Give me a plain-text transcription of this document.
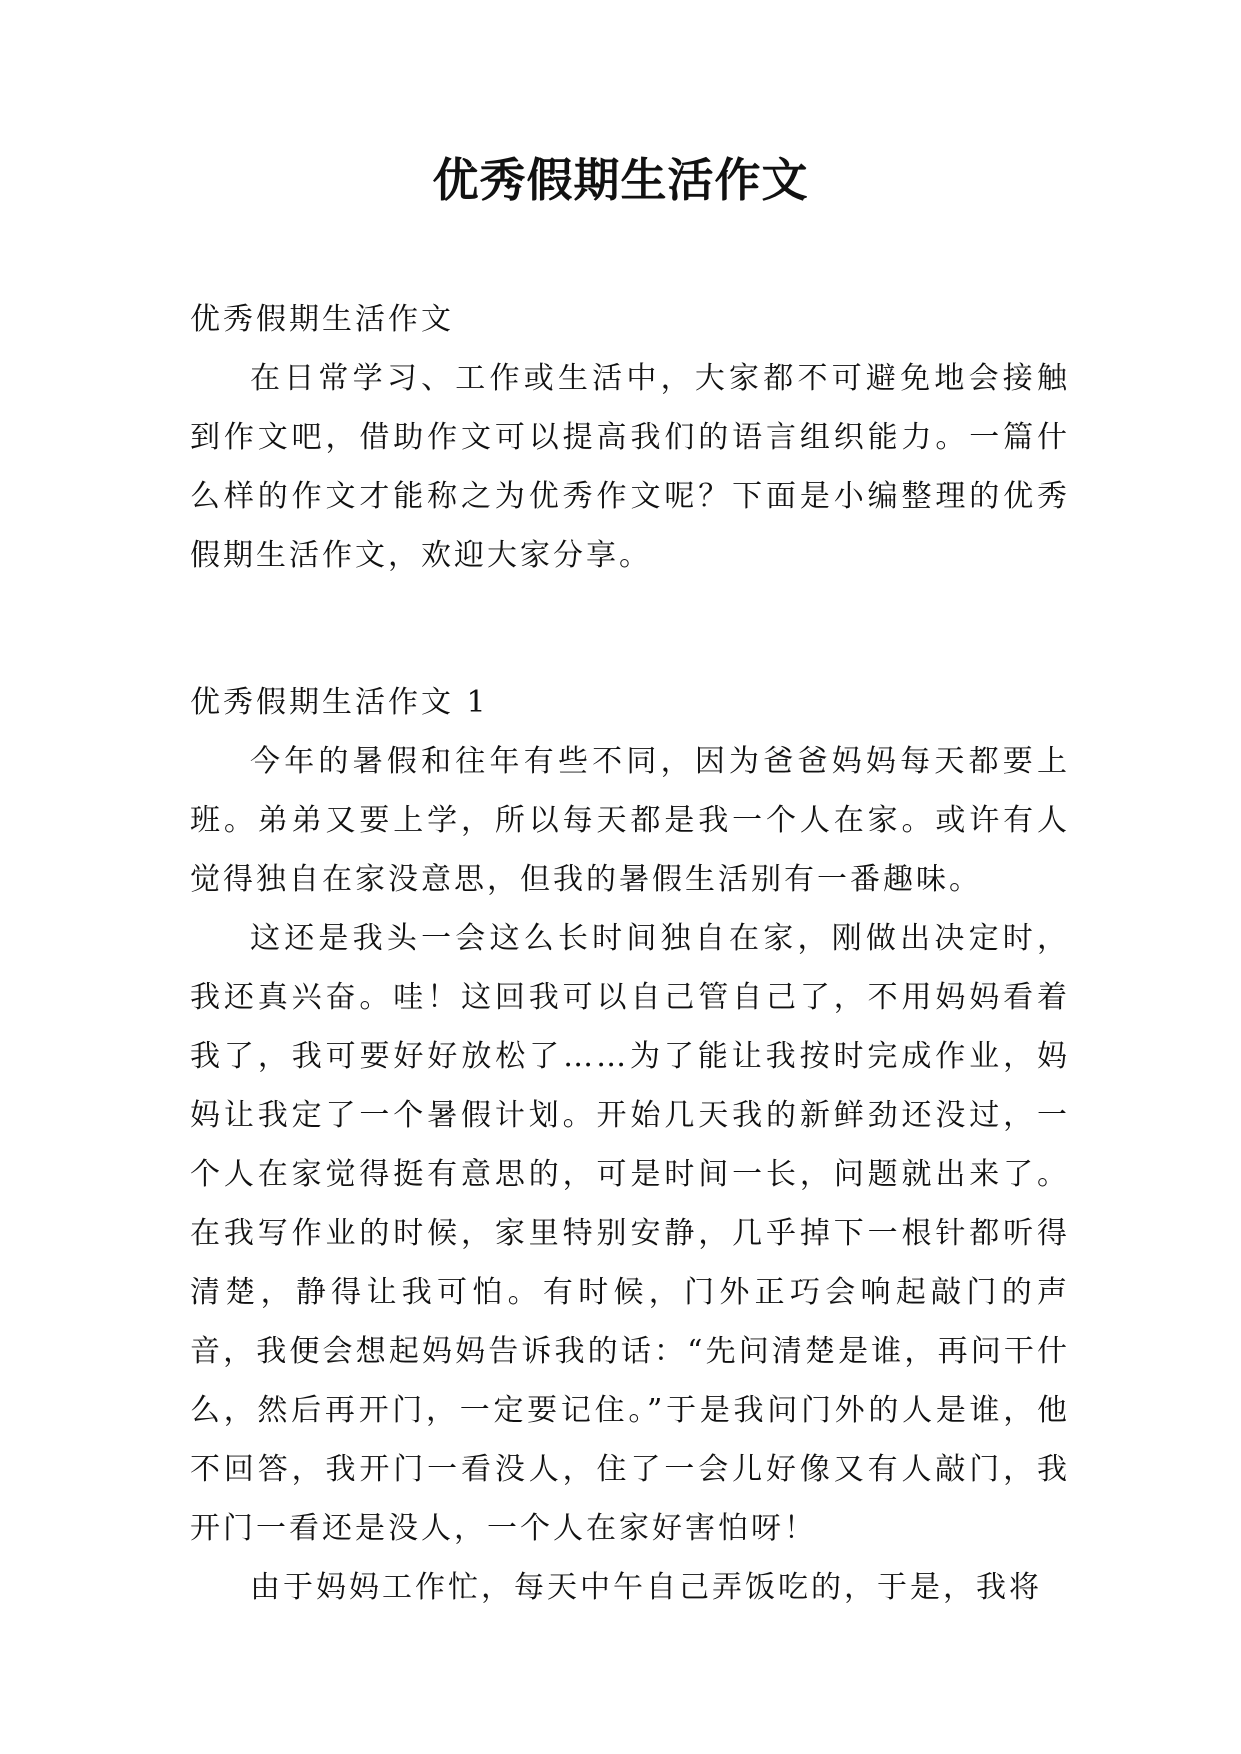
优秀假期生活作文

优秀假期生活作文

在日常学习、工作或生活中，大家都不可避免地会接触到作文吧，借助作文可以提高我们的语言组织能力。一篇什么样的作文才能称之为优秀作文呢？下面是小编整理的优秀假期生活作文，欢迎大家分享。

优秀假期生活作文 1

今年的暑假和往年有些不同，因为爸爸妈妈每天都要上班。弟弟又要上学，所以每天都是我一个人在家。或许有人觉得独自在家没意思，但我的暑假生活别有一番趣味。

这还是我头一会这么长时间独自在家，刚做出决定时，我还真兴奋。哇！这回我可以自己管自己了，不用妈妈看着我了，我可要好好放松了……为了能让我按时完成作业，妈妈让我定了一个暑假计划。开始几天我的新鲜劲还没过，一个人在家觉得挺有意思的，可是时间一长，问题就出来了。在我写作业的时候，家里特别安静，几乎掉下一根针都听得清楚，静得让我可怕。有时候，门外正巧会响起敲门的声音，我便会想起妈妈告诉我的话：“先问清楚是谁，再问干什么，然后再开门，一定要记住。”于是我问门外的人是谁，他不回答，我开门一看没人，住了一会儿好像又有人敲门，我开门一看还是没人，一个人在家好害怕呀！

由于妈妈工作忙，每天中午自己弄饭吃的，于是，我将
